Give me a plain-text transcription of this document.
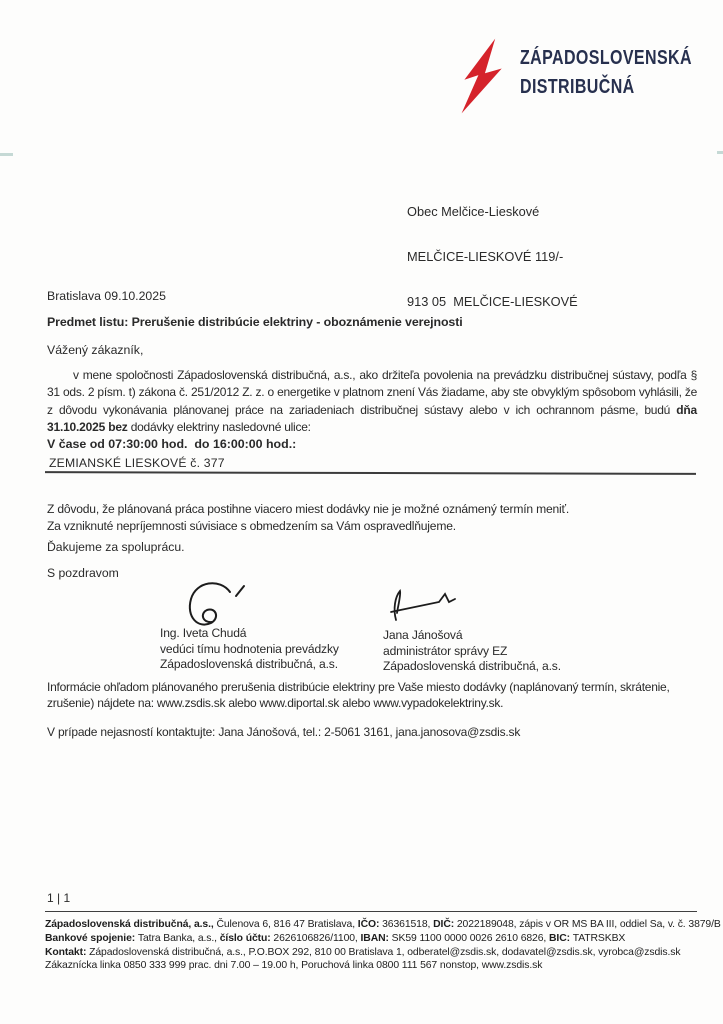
ZÁPADOSLOVENSKÁ
DISTRIBUČNÁ

Obec Melčice-Lieskové

MELČICE-LIESKOVÉ 119/-

913 05  MELČICE-LIESKOVÉ

Bratislava 09.10.2025
Predmet listu: Prerušenie distribúcie elektriny - oboznámenie verejnosti
Vážený zákazník,
v mene spoločnosti Západoslovenská distribučná, a.s., ako držiteľa povolenia na prevádzku distribučnej sústavy, podľa § 31 ods. 2 písm. t) zákona č. 251/2012 Z. z. o energetike v platnom znení Vás žiadame, aby ste obvyklým spôsobom vyhlásili, že z dôvodu vykonávania plánovanej práce na zariadeniach distribučnej sústavy alebo v ich ochrannom pásme, budú dňa 31.10.2025 bez dodávky elektriny nasledovné ulice:
V čase od 07:30:00 hod.  do 16:00:00 hod.:
ZEMIANSKÉ LIESKOVÉ č. 377
Z dôvodu, že plánovaná práca postihne viacero miest dodávky nie je možné oznámený termín meniť.
Za vzniknuté nepríjemnosti súvisiace s obmedzením sa Vám ospravedlňujeme.
Ďakujeme za spoluprácu.
S pozdravom
Ing. Iveta Chudá
vedúci tímu hodnotenia prevádzky
Západoslovenská distribučná, a.s.
Jana Jánošová
administrátor správy EZ
Západoslovenská distribučná, a.s.
Informácie ohľadom plánovaného prerušenia distribúcie elektriny pre Vaše miesto dodávky (naplánovaný termín, skrátenie, zrušenie) nájdete na: www.zsdis.sk alebo www.diportal.sk alebo www.vypadokelektriny.sk.
V prípade nejasností kontaktujte: Jana Jánošová, tel.: 2-5061 3161, jana.janosova@zsdis.sk
1 | 1
Západoslovenská distribučná, a.s., Čulenova 6, 816 47 Bratislava, IČO: 36361518, DIČ: 2022189048, zápis v OR MS BA III, oddiel Sa, v. č. 3879/B
Bankové spojenie: Tatra Banka, a.s., číslo účtu: 2626106826/1100, IBAN: SK59 1100 0000 0026 2610 6826, BIC: TATRSKBX
Kontakt: Západoslovenská distribučná, a.s., P.O.BOX 292, 810 00 Bratislava 1, odberatel@zsdis.sk, dodavatel@zsdis.sk, vyrobca@zsdis.sk
Zákaznícka linka 0850 333 999 prac. dni 7.00 – 19.00 h, Poruchová linka 0800 111 567 nonstop, www.zsdis.sk
